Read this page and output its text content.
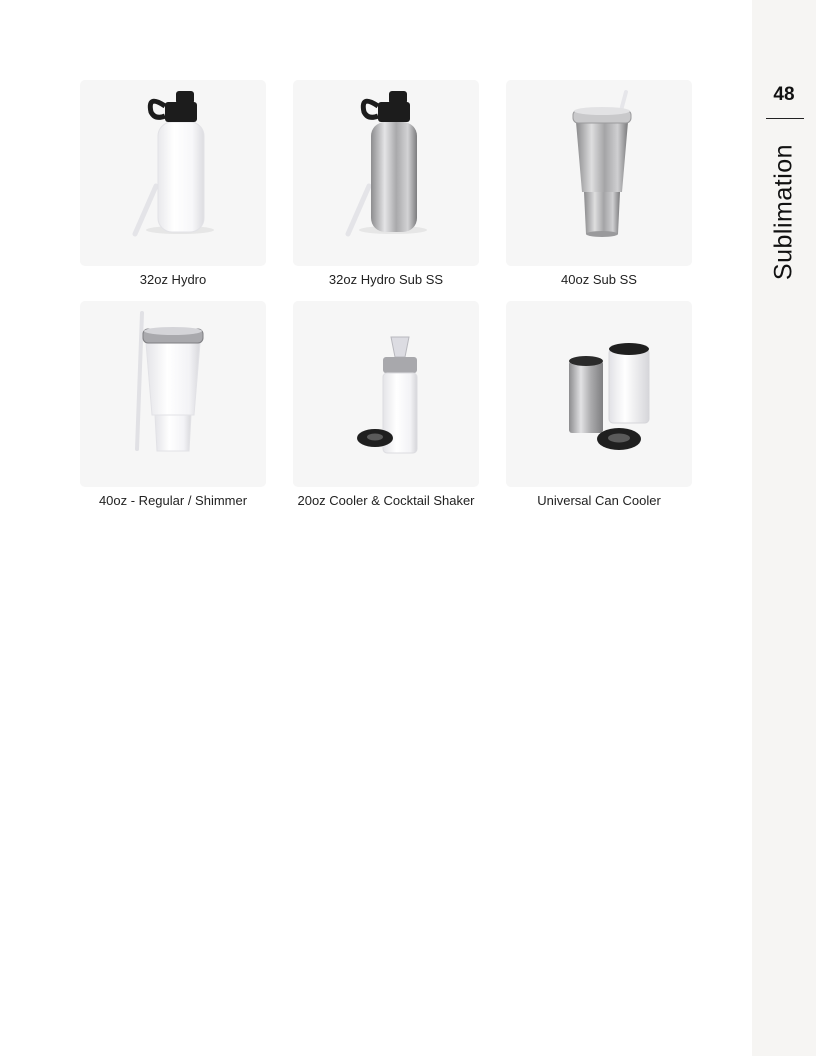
48
Sublimation
32oz Hydro	32oz Hydro Sub SS	40oz Sub SS
40oz - Regular / Shimmer	20oz Cooler & Cocktail Shaker	Universal Can Cooler
